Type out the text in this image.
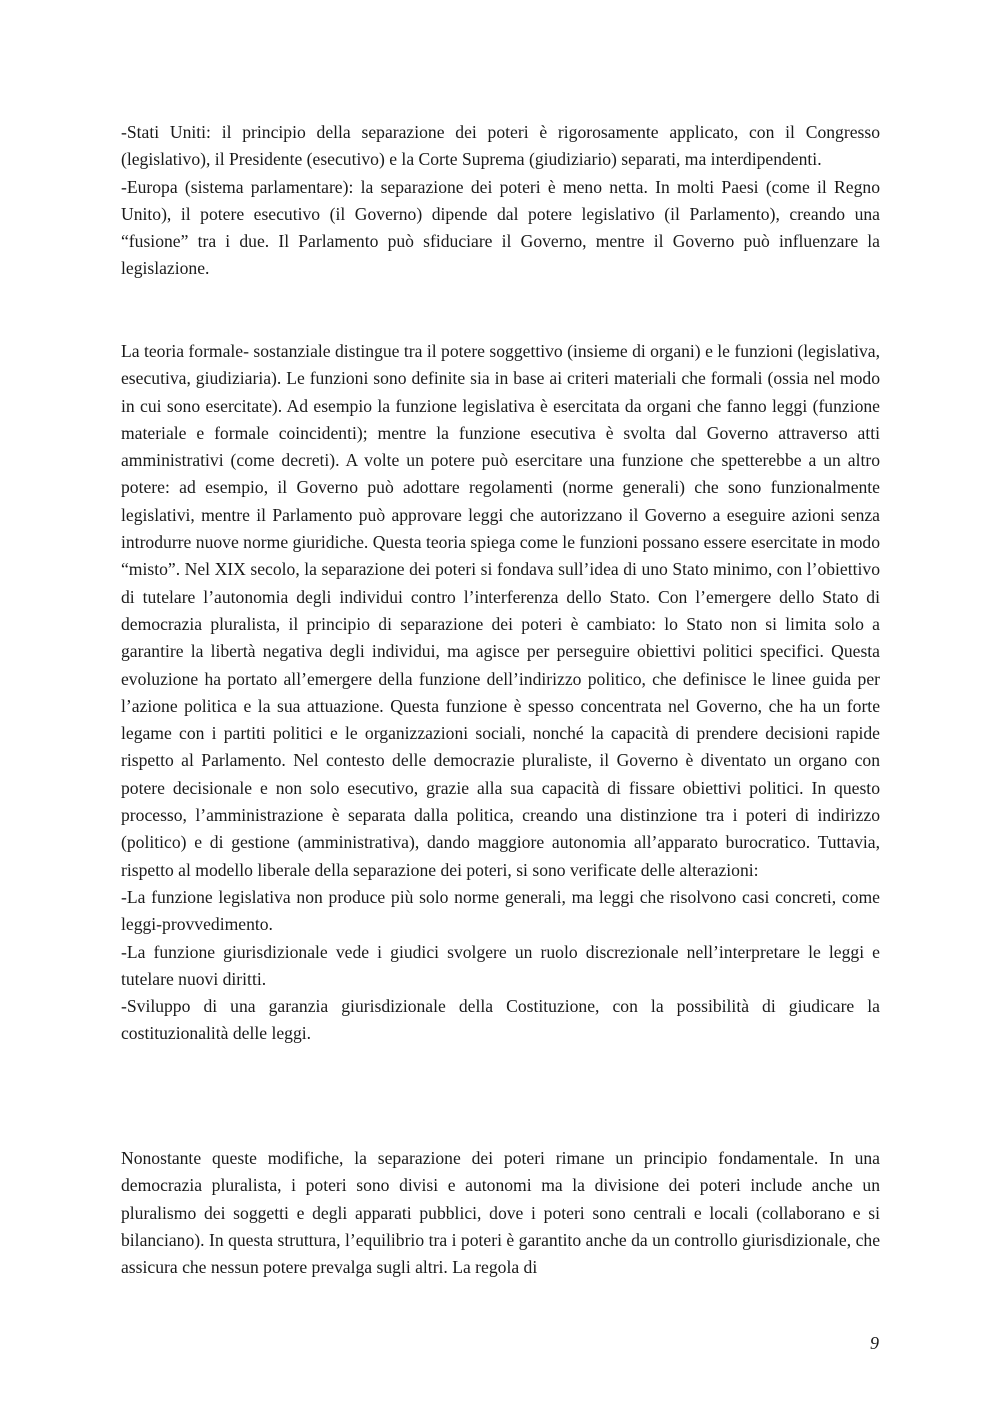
-Stati Uniti: il principio della separazione dei poteri è rigorosamente applicato, con il Congresso (legislativo), il Presidente (esecutivo) e la Corte Suprema (giudiziario) separati, ma interdipendenti.

-Europa (sistema parlamentare): la separazione dei poteri è meno netta. In molti Paesi (come il Regno Unito), il potere esecutivo (il Governo) dipende dal potere legislativo (il Parlamento), creando una “fusione” tra i due. Il Parlamento può sfiduciare il Governo, mentre il Governo può influenzare la legislazione.

La teoria formale- sostanziale distingue tra il potere soggettivo (insieme di organi) e le funzioni (legislativa, esecutiva, giudiziaria). Le funzioni sono definite sia in base ai criteri materiali che formali (ossia nel modo in cui sono esercitate). Ad esempio la funzione legislativa è esercitata da organi che fanno leggi (funzione materiale e formale coincidenti); mentre la funzione esecutiva è svolta dal Governo attraverso atti amministrativi (come decreti). A volte un potere può esercitare una funzione che spetterebbe a un altro potere: ad esempio, il Governo può adottare regolamenti (norme generali) che sono funzionalmente legislativi, mentre il Parlamento può approvare leggi che autorizzano il Governo a eseguire azioni senza introdurre nuove norme giuridiche. Questa teoria spiega come le funzioni possano essere esercitate in modo “misto”. Nel XIX secolo, la separazione dei poteri si fondava sull’idea di uno Stato minimo, con l’obiettivo di tutelare l’autonomia degli individui contro l’interferenza dello Stato. Con l’emergere dello Stato di democrazia pluralista, il principio di separazione dei poteri è cambiato: lo Stato non si limita solo a garantire la libertà negativa degli individui, ma agisce per perseguire obiettivi politici specifici. Questa evoluzione ha portato all’emergere della funzione dell’indirizzo politico, che definisce le linee guida per l’azione politica e la sua attuazione. Questa funzione è spesso concentrata nel Governo, che ha un forte legame con i partiti politici e le organizzazioni sociali, nonché la capacità di prendere decisioni rapide rispetto al Parlamento. Nel contesto delle democrazie pluraliste, il Governo è diventato un organo con potere decisionale e non solo esecutivo, grazie alla sua capacità di fissare obiettivi politici. In questo processo, l’amministrazione è separata dalla politica, creando una distinzione tra i poteri di indirizzo (politico) e di gestione (amministrativa), dando maggiore autonomia all’apparato burocratico. Tuttavia, rispetto al modello liberale della separazione dei poteri, si sono verificate delle alterazioni:

-La funzione legislativa non produce più solo norme generali, ma leggi che risolvono casi concreti, come leggi-provvedimento.

-La funzione giurisdizionale vede i giudici svolgere un ruolo discrezionale nell’interpretare le leggi e tutelare nuovi diritti.

-Sviluppo di una garanzia giurisdizionale della Costituzione, con la possibilità di giudicare la costituzionalità delle leggi.

Nonostante queste modifiche, la separazione dei poteri rimane un principio fondamentale. In una democrazia pluralista, i poteri sono divisi e autonomi ma la divisione dei poteri include anche un pluralismo dei soggetti e degli apparati pubblici, dove i poteri sono centrali e locali (collaborano e si bilanciano). In questa struttura, l’equilibrio tra i poteri è garantito anche da un controllo giurisdizionale, che assicura che nessun potere prevalga sugli altri. La regola di

9
